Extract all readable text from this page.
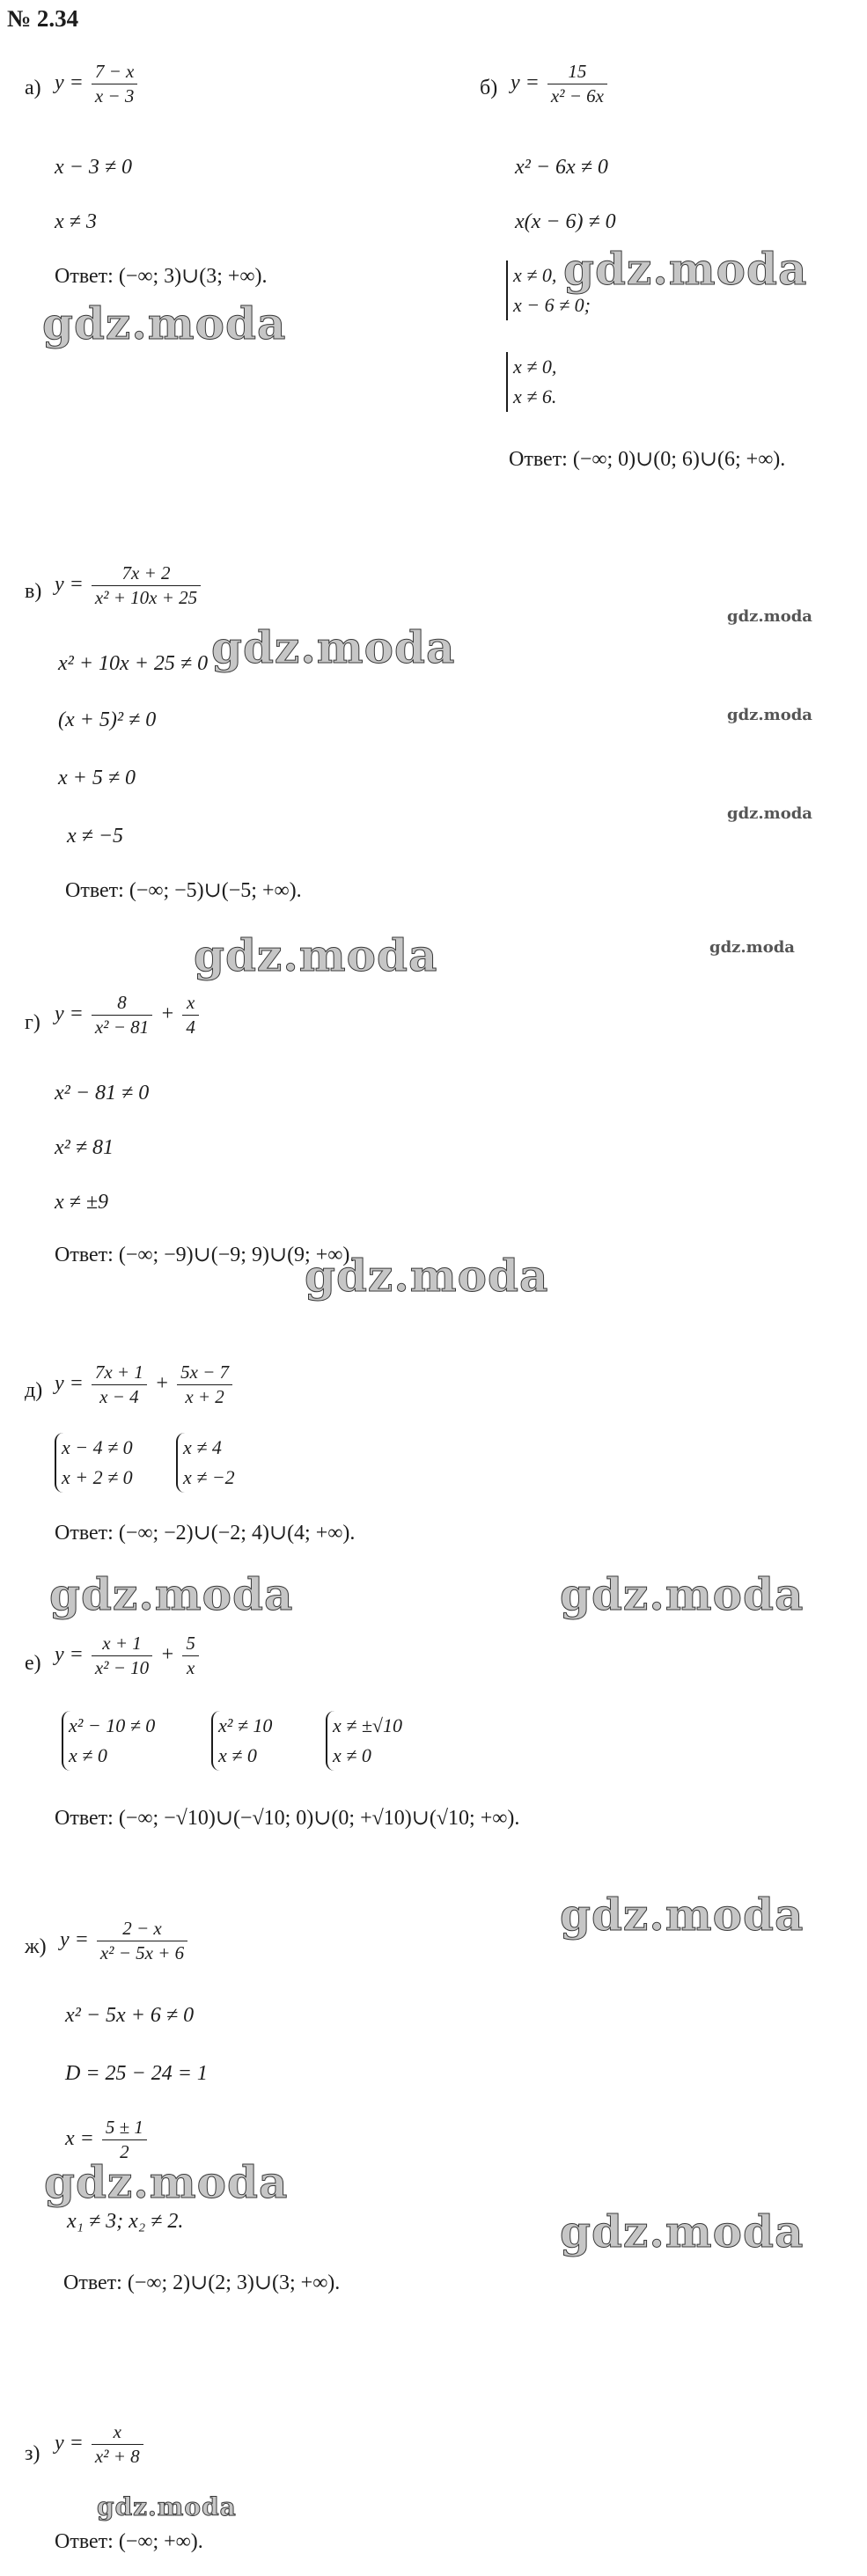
№ 2.34
а) $y = \frac{7 - x}{x - 3}$
x − 3 ≠ 0
x ≠ 3
Ответ: (−∞; 3)∪(3; +∞).
б) $y = \frac{15}{\text{x² − 6x}}$
x² − 6x ≠ 0
x(x − 6) ≠ 0
x ≠ 0,
x − 6 ≠ 0;
x ≠ 0,
x ≠ 6.
Ответ: (−∞; 0)∪(0; 6)∪(6; +∞).
в) $y = \frac{7x + 2}{\text{x² + 10x + 25}}$
x² + 10x + 25 ≠ 0
(x + 5)² ≠ 0
x + 5 ≠ 0
x ≠ −5
Ответ: (−∞; −5)∪(−5; +∞).
г) $y = \frac{8}{\text{x² − 81}} + \frac{x}{4}$
x² − 81 ≠ 0
x² ≠ 81
x ≠ ±9
Ответ: (−∞; −9)∪(−9; 9)∪(9; +∞).
д) $y = \frac{7x + 1}{x - 4} + \frac{5x - 7}{x + 2}$
x − 4 ≠ 0
x + 2 ≠ 0
x ≠ 4
x ≠ −2
Ответ: (−∞; −2)∪(−2; 4)∪(4; +∞).
е) $y = \frac{x + 1}{\text{x² − 10}} + \frac{5}{x}$
x² − 10 ≠ 0
x ≠ 0
x² ≠ 10
x ≠ 0
x ≠ ±√10
x ≠ 0
Ответ: (−∞; −√10)∪(−√10; 0)∪(0; +√10)∪(√10; +∞).
ж) $y = \frac{2 - x}{\text{x² − 5x + 6}}$
x² − 5x + 6 ≠ 0
D = 25 − 24 = 1
$x = \frac{5 \pm 1}{2}$
x₁ ≠ 3; x₂ ≠ 2.
Ответ: (−∞; 2)∪(2; 3)∪(3; +∞).
з) $y = \frac{x}{\text{x² + 8}}$
Ответ: (−∞; +∞).
gdz.moda
gdz.moda
gdz.moda
gdz.moda
gdz.moda
gdz.moda
gdz.moda
gdz.moda
gdz.moda
gdz.moda	gdz.moda
gdz.moda
gdz.moda
gdz.moda
gdz.moda
